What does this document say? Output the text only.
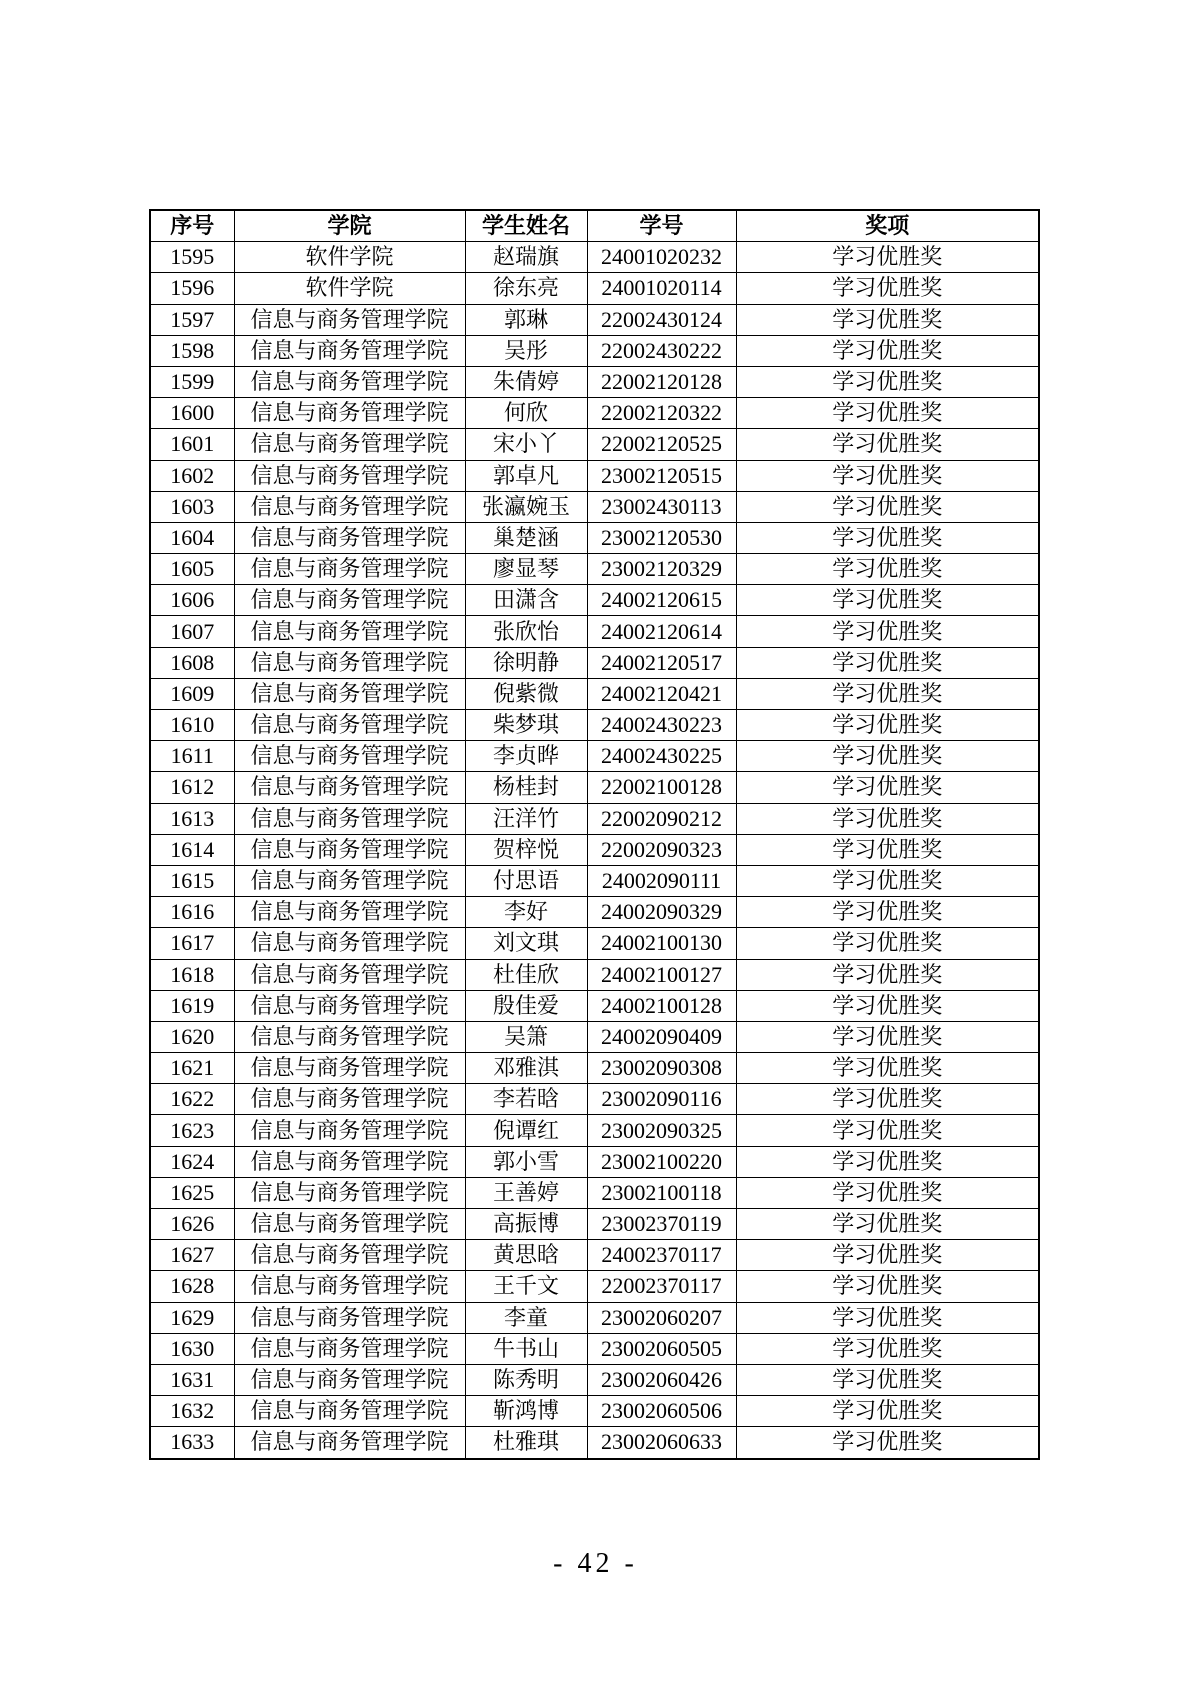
序号	学院	学生姓名	学号	奖项
1595	软件学院	赵瑞旗	24001020232	学习优胜奖
1596	软件学院	徐东亮	24001020114	学习优胜奖
1597	信息与商务管理学院	郭琳	22002430124	学习优胜奖
1598	信息与商务管理学院	吴彤	22002430222	学习优胜奖
1599	信息与商务管理学院	朱倩婷	22002120128	学习优胜奖
1600	信息与商务管理学院	何欣	22002120322	学习优胜奖
1601	信息与商务管理学院	宋小丫	22002120525	学习优胜奖
1602	信息与商务管理学院	郭卓凡	23002120515	学习优胜奖
1603	信息与商务管理学院	张瀛婉玉	23002430113	学习优胜奖
1604	信息与商务管理学院	巢楚涵	23002120530	学习优胜奖
1605	信息与商务管理学院	廖显琴	23002120329	学习优胜奖
1606	信息与商务管理学院	田潇含	24002120615	学习优胜奖
1607	信息与商务管理学院	张欣怡	24002120614	学习优胜奖
1608	信息与商务管理学院	徐明静	24002120517	学习优胜奖
1609	信息与商务管理学院	倪紫微	24002120421	学习优胜奖
1610	信息与商务管理学院	柴梦琪	24002430223	学习优胜奖
1611	信息与商务管理学院	李贞晔	24002430225	学习优胜奖
1612	信息与商务管理学院	杨桂封	22002100128	学习优胜奖
1613	信息与商务管理学院	汪洋竹	22002090212	学习优胜奖
1614	信息与商务管理学院	贺梓悦	22002090323	学习优胜奖
1615	信息与商务管理学院	付思语	24002090111	学习优胜奖
1616	信息与商务管理学院	李好	24002090329	学习优胜奖
1617	信息与商务管理学院	刘文琪	24002100130	学习优胜奖
1618	信息与商务管理学院	杜佳欣	24002100127	学习优胜奖
1619	信息与商务管理学院	殷佳爱	24002100128	学习优胜奖
1620	信息与商务管理学院	吴箫	24002090409	学习优胜奖
1621	信息与商务管理学院	邓雅淇	23002090308	学习优胜奖
1622	信息与商务管理学院	李若晗	23002090116	学习优胜奖
1623	信息与商务管理学院	倪谭红	23002090325	学习优胜奖
1624	信息与商务管理学院	郭小雪	23002100220	学习优胜奖
1625	信息与商务管理学院	王善婷	23002100118	学习优胜奖
1626	信息与商务管理学院	高振博	23002370119	学习优胜奖
1627	信息与商务管理学院	黄思晗	24002370117	学习优胜奖
1628	信息与商务管理学院	王千文	22002370117	学习优胜奖
1629	信息与商务管理学院	李童	23002060207	学习优胜奖
1630	信息与商务管理学院	牛书山	23002060505	学习优胜奖
1631	信息与商务管理学院	陈秀明	23002060426	学习优胜奖
1632	信息与商务管理学院	靳鸿博	23002060506	学习优胜奖
1633	信息与商务管理学院	杜雅琪	23002060633	学习优胜奖
- 42 -
